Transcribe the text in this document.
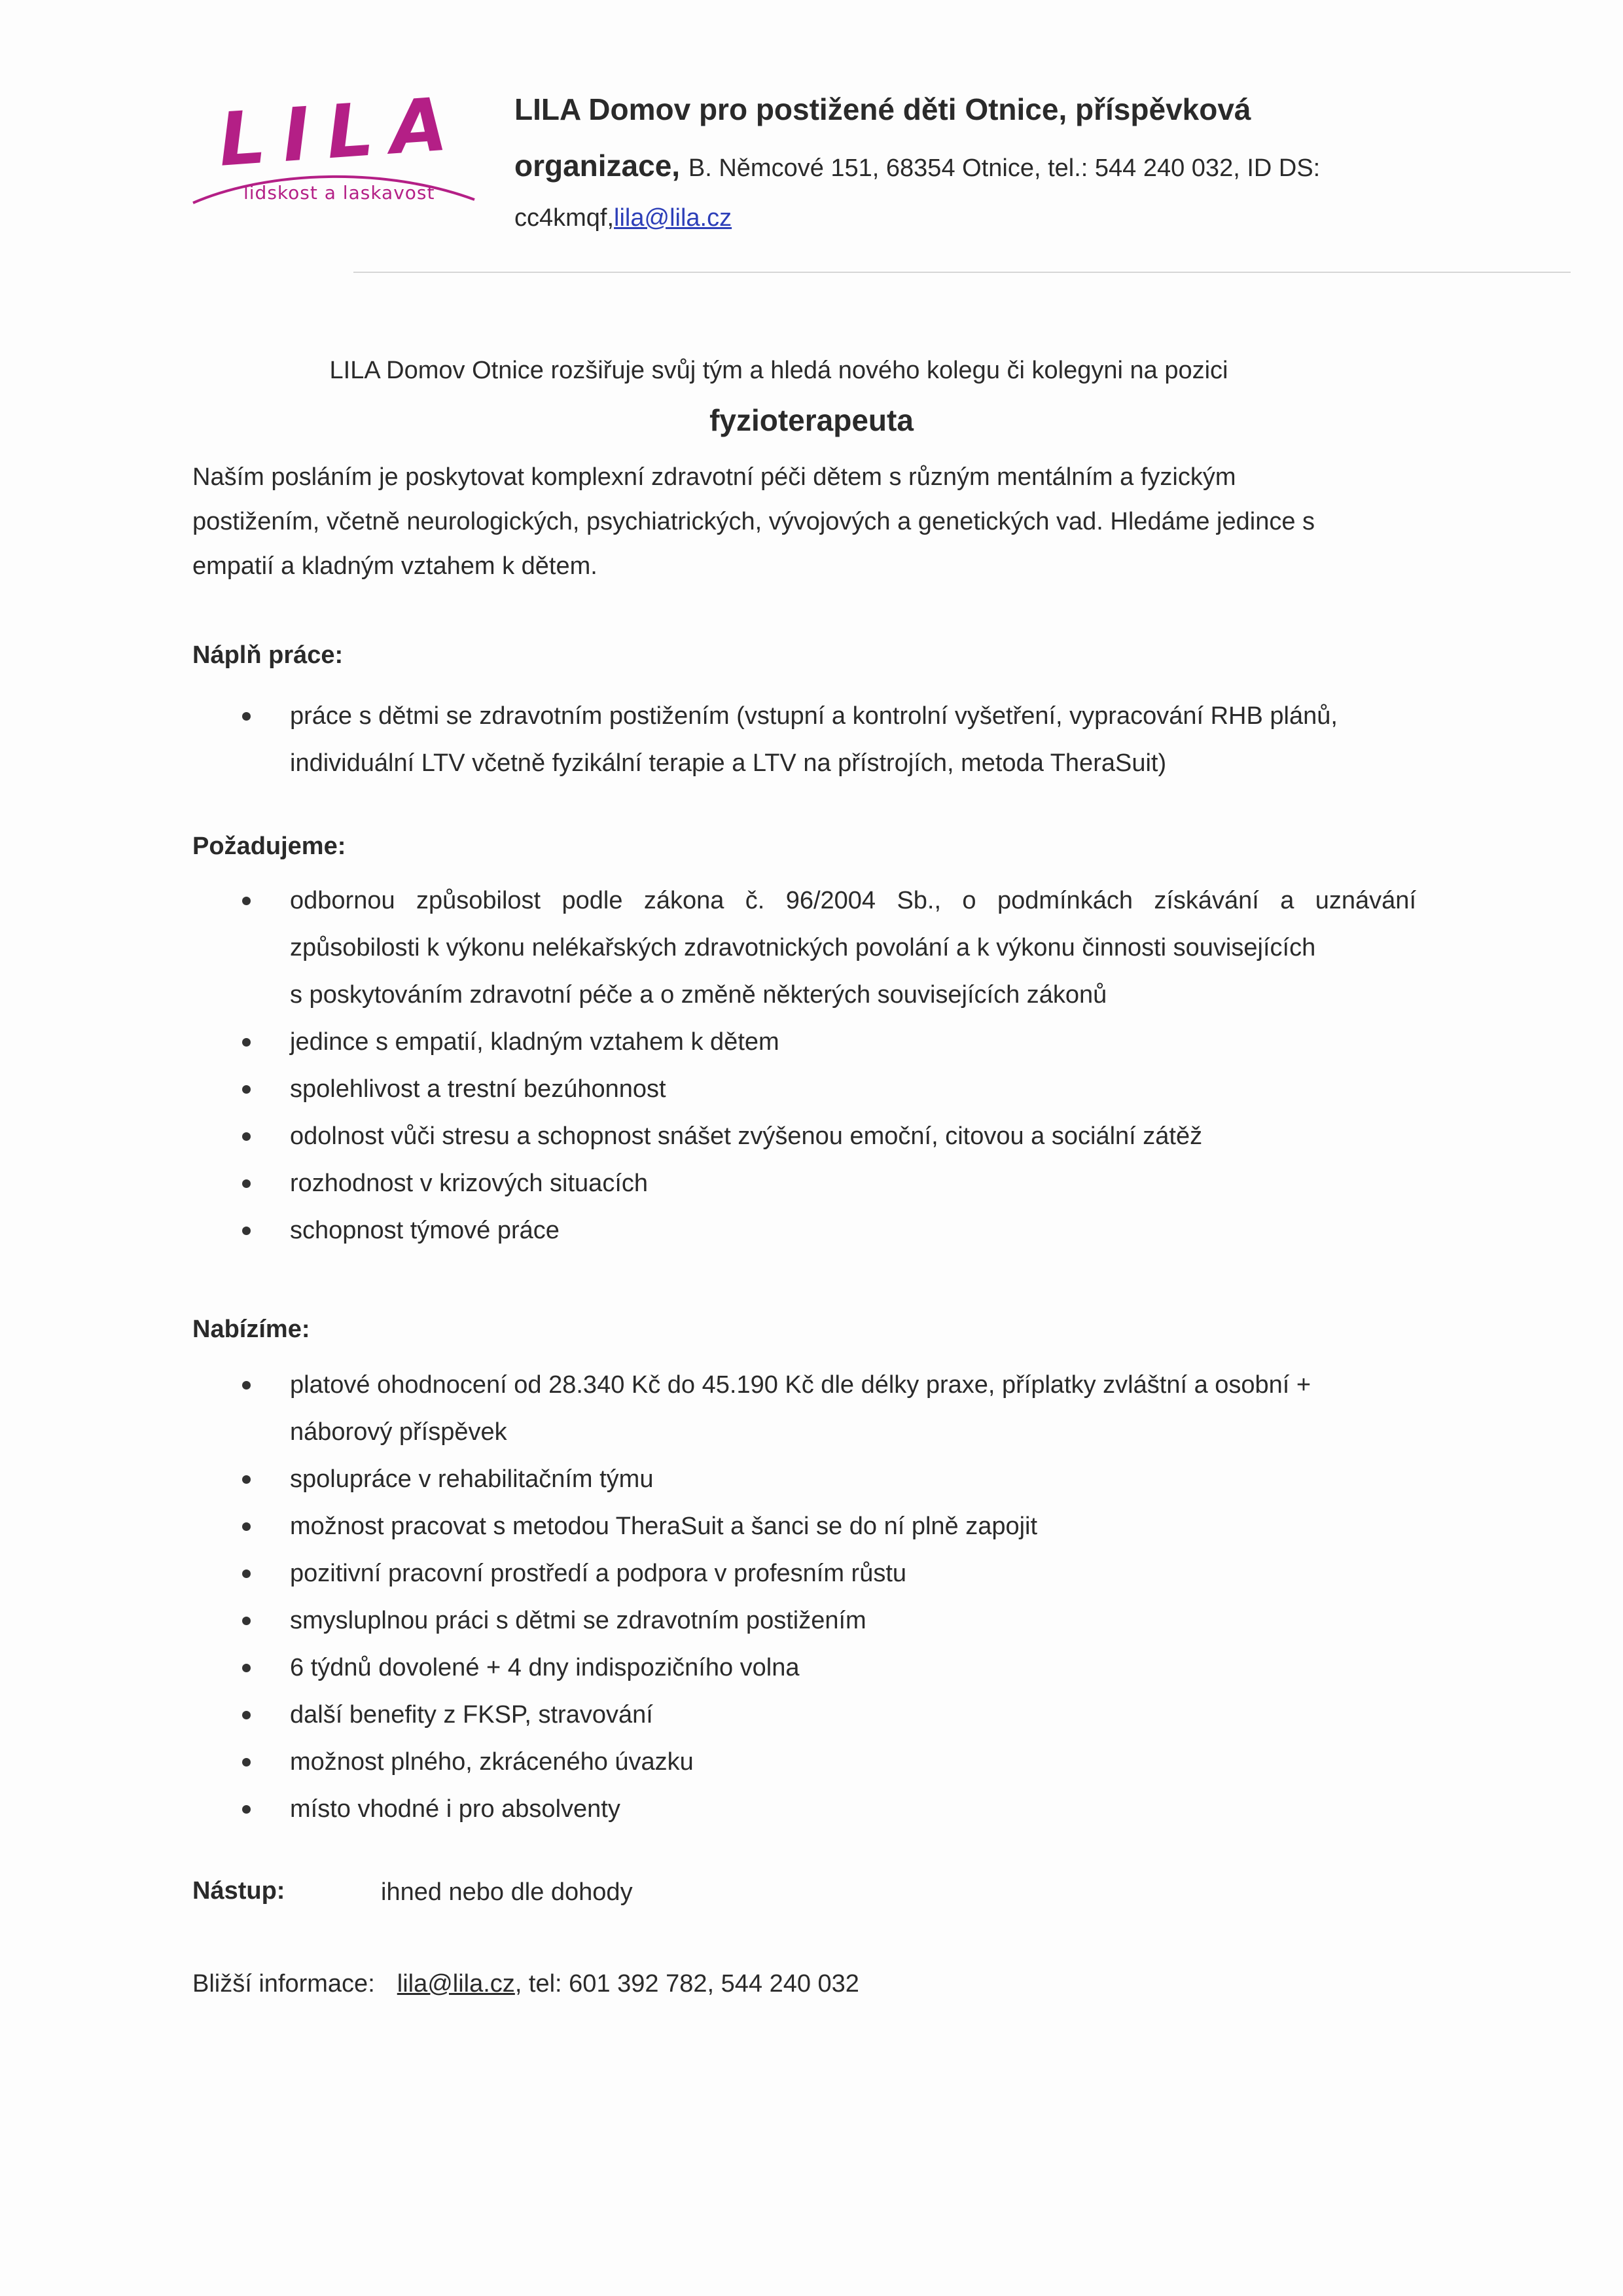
LILA
lidskost a laskavost
LILA Domov pro postižené děti Otnice, příspěvková
organizace, B. Němcové 151, 68354 Otnice, tel.: 544 240 032, ID DS:
cc4kmqf,lila@lila.cz
LILA Domov Otnice rozšiřuje svůj tým a hledá nového kolegu či kolegyni na pozici
fyzioterapeuta
Naším posláním je poskytovat komplexní zdravotní péči dětem s různým mentálním a fyzickým
postižením, včetně neurologických, psychiatrických, vývojových a genetických vad. Hledáme jedince s
empatií a kladným vztahem k dětem.
Náplň práce:
práce s dětmi se zdravotním postižením (vstupní a kontrolní vyšetření, vypracování RHB plánů,
individuální LTV včetně fyzikální terapie a LTV na přístrojích, metoda TheraSuit)
Požadujeme:
odbornou způsobilost podle zákona č. 96/2004 Sb., o podmínkách získávání a uznávání
způsobilosti k výkonu nelékařských zdravotnických povolání a k výkonu činnosti souvisejících
s poskytováním zdravotní péče a o změně některých souvisejících zákonů
jedince s empatií, kladným vztahem k dětem
spolehlivost a trestní bezúhonnost
odolnost vůči stresu a schopnost snášet zvýšenou emoční, citovou a sociální zátěž
rozhodnost v krizových situacích
schopnost týmové práce
Nabízíme:
platové ohodnocení od 28.340 Kč do 45.190 Kč dle délky praxe, příplatky zvláštní a osobní +
náborový příspěvek
spolupráce v rehabilitačním týmu
možnost pracovat s metodou TheraSuit a šanci se do ní plně zapojit
pozitivní pracovní prostředí a podpora v profesním růstu
smysluplnou práci s dětmi se zdravotním postižením
6 týdnů dovolené + 4 dny indispozičního volna
další benefity z FKSP, stravování
možnost plného, zkráceného úvazku
místo vhodné i pro absolventy
Nástup:	ihned nebo dle dohody
Bližší informace: lila@lila.cz, tel: 601 392 782, 544 240 032
